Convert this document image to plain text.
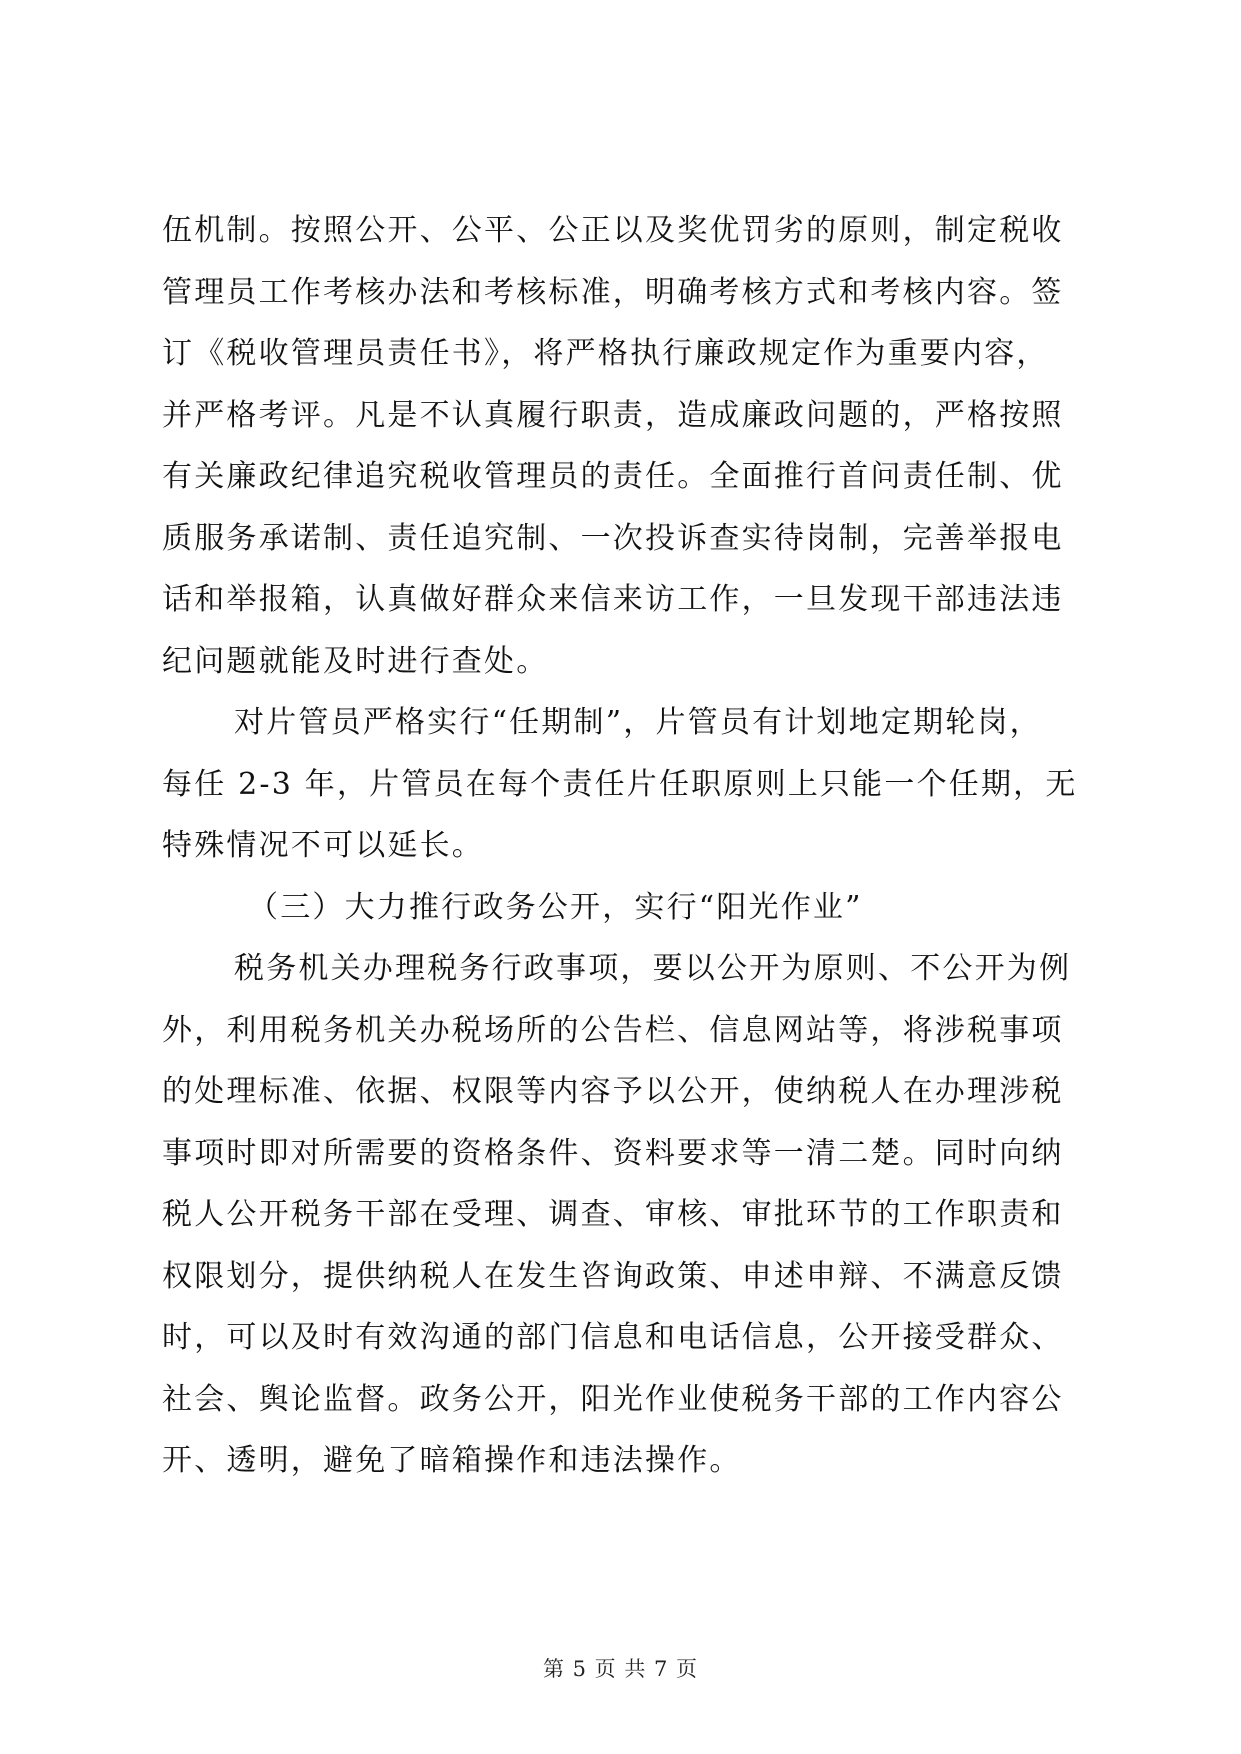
伍机制。按照公开、公平、公正以及奖优罚劣的原则，制定税收
管理员工作考核办法和考核标准，明确考核方式和考核内容。签
订《税收管理员责任书》，将严格执行廉政规定作为重要内容，
并严格考评。凡是不认真履行职责，造成廉政问题的，严格按照
有关廉政纪律追究税收管理员的责任。全面推行首问责任制、优
质服务承诺制、责任追究制、一次投诉查实待岗制，完善举报电
话和举报箱，认真做好群众来信来访工作，一旦发现干部违法违
纪问题就能及时进行查处。
对片管员严格实行“任期制”，片管员有计划地定期轮岗，
每任 2-3 年，片管员在每个责任片任职原则上只能一个任期，无
特殊情况不可以延长。
（三）大力推行政务公开，实行“阳光作业”
税务机关办理税务行政事项，要以公开为原则、不公开为例
外，利用税务机关办税场所的公告栏、信息网站等，将涉税事项
的处理标准、依据、权限等内容予以公开，使纳税人在办理涉税
事项时即对所需要的资格条件、资料要求等一清二楚。同时向纳
税人公开税务干部在受理、调查、审核、审批环节的工作职责和
权限划分，提供纳税人在发生咨询政策、申述申辩、不满意反馈
时，可以及时有效沟通的部门信息和电话信息，公开接受群众、
社会、舆论监督。政务公开，阳光作业使税务干部的工作内容公
开、透明，避免了暗箱操作和违法操作。
第 5 页 共 7 页
